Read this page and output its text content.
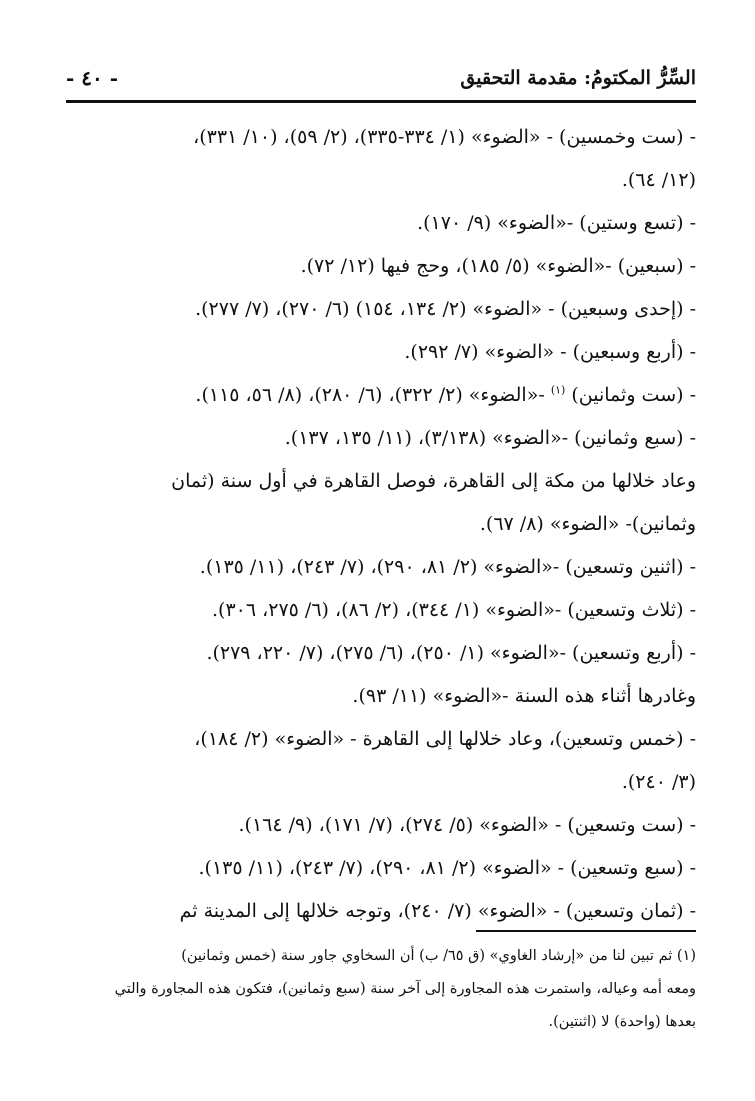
السِّرُّ المكتومُ: مقدمة التحقيق
- ٤٠ -
- (ست وخمسين) - «الضوء» (١/ ٣٣٤-٣٣٥)، (٢/ ٥٩)، (١٠/ ٣٣١)،
(١٢/ ٦٤).
- (تسع وستين) -«الضوء» (٩/ ١٧٠).
- (سبعين) -«الضوء» (٥/ ١٨٥)، وحج فيها (١٢/ ٧٢).
- (إحدى وسبعين) - «الضوء» (٢/ ١٣٤، ١٥٤) (٦/ ٢٧٠)، (٧/ ٢٧٧).
- (أربع وسبعين) - «الضوء» (٧/ ٢٩٢).
- (ست وثمانين) $^{(١)}$ -«الضوء» (٢/ ٣٢٢)، (٦/ ٢٨٠)، (٨/ ٥٦، ١١٥).
- (سبع وثمانين) -«الضوء» (٣/١٣٨)، (١١/ ١٣٥، ١٣٧).
وعاد خلالها من مكة إلى القاهرة، فوصل القاهرة في أول سنة (ثمان
وثمانين)- «الضوء» (٨/ ٦٧).
- (اثنين وتسعين) -«الضوء» (٢/ ٨١، ٢٩٠)، (٧/ ٢٤٣)، (١١/ ١٣٥).
- (ثلاث وتسعين) -«الضوء» (١/ ٣٤٤)، (٢/ ٨٦)، (٦/ ٢٧٥، ٣٠٦).
- (أربع وتسعين) -«الضوء» (١/ ٢٥٠)، (٦/ ٢٧٥)، (٧/ ٢٢٠، ٢٧٩).
وغادرها أثناء هذه السنة -«الضوء» (١١/ ٩٣).
- (خمس وتسعين)، وعاد خلالها إلى القاهرة - «الضوء» (٢/ ١٨٤)،
(٣/ ٢٤٠).
- (ست وتسعين) - «الضوء» (٥/ ٢٧٤)، (٧/ ١٧١)، (٩/ ١٦٤).
- (سبع وتسعين) - «الضوء» (٢/ ٨١، ٢٩٠)، (٧/ ٢٤٣)، (١١/ ١٣٥).
- (ثمان وتسعين) - «الضوء» (٧/ ٢٤٠)، وتوجه خلالها إلى المدينة ثم
(١) ثم تبين لنا من «إرشاد الغاوي» (ق ٦٥/ ب) أن السخاوي جاور سنة (خمس وثمانين)
ومعه أمه وعياله، واستمرت هذه المجاورة إلى آخر سنة (سبع وثمانين)، فتكون هذه المجاورة والتي
بعدها (واحدة) لا (اثنتين).
